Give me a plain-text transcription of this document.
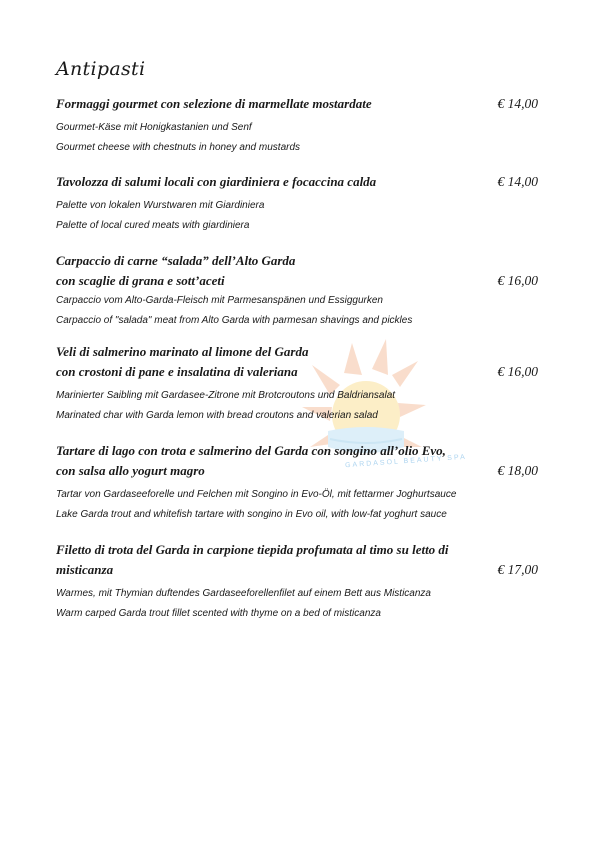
GARDASOL BEAUTY SPA
Antipasti
Formaggi gourmet con selezione di marmellate mostardate	€ 14,00
Gourmet-Käse mit Honigkastanien und Senf
Gourmet cheese with chestnuts in honey and mustards
Tavolozza di salumi locali con giardiniera e focaccina calda	€ 14,00
Palette von lokalen Wurstwaren mit Giardiniera
Palette of local cured meats with giardiniera
Carpaccio di carne “salada” dell’Alto Garda
con scaglie di grana e sott’aceti	€ 16,00
Carpaccio vom Alto-Garda-Fleisch mit Parmesanspänen und Essiggurken
Carpaccio of "salada" meat from Alto Garda with parmesan shavings and pickles
Veli di salmerino marinato al limone del Garda
con crostoni di pane e insalatina di valeriana	€ 16,00
Marinierter Saibling mit Gardasee-Zitrone mit Brotcroutons und Baldriansalat
Marinated char with Garda lemon with bread croutons and valerian salad
Tartare di lago con trota e salmerino del Garda con songino all’olio Evo,
con salsa allo yogurt magro	€ 18,00
Tartar von Gardaseeforelle und Felchen mit Songino in Evo-Öl, mit fettarmer Joghurtsauce
Lake Garda trout and whitefish tartare with songino in Evo oil, with low-fat yoghurt sauce
Filetto di trota del Garda in carpione tiepida profumata al timo su letto di
misticanza	€ 17,00
Warmes, mit Thymian duftendes Gardaseeforellenfilet auf einem Bett aus Misticanza
Warm carped Garda trout fillet scented with thyme on a bed of misticanza
